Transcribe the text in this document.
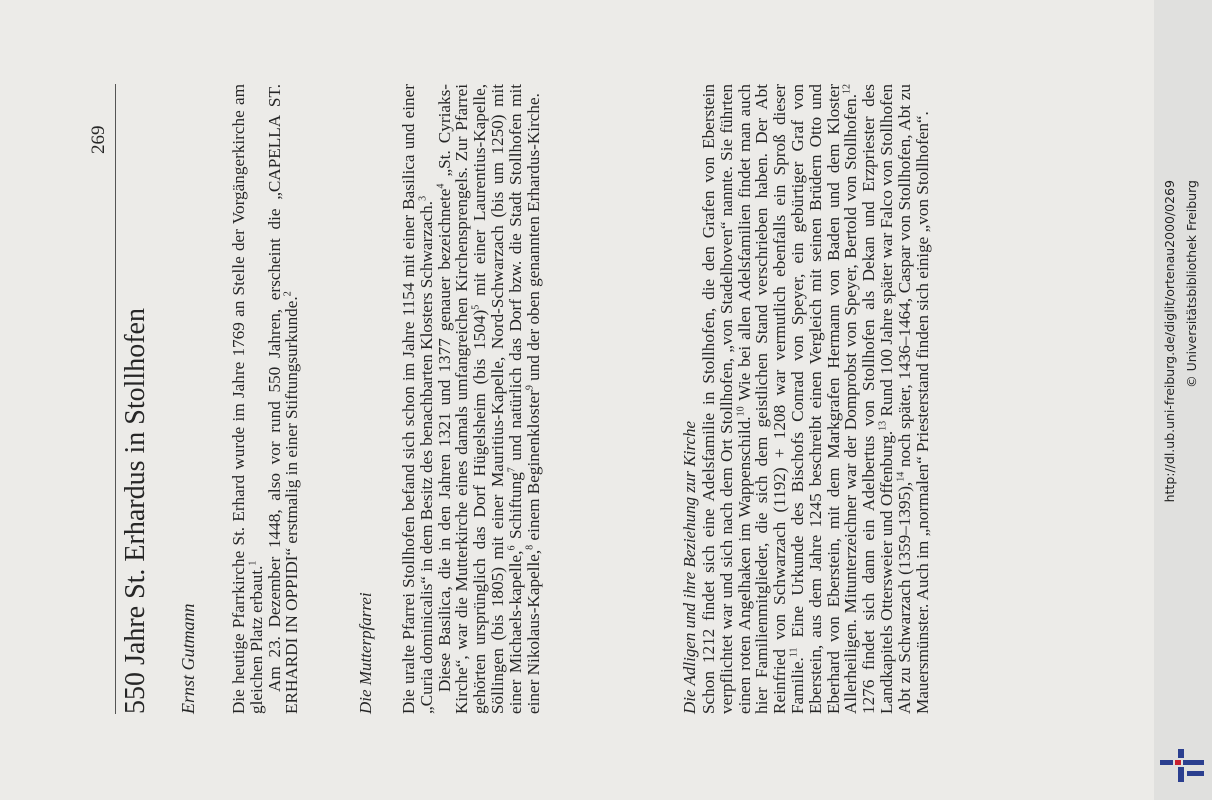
269
550 Jahre St. Erhardus in Stollhofen Ernst Gutmann Die heutige Pfarrkirche St. Erhard wurde im Jahre 1769 an Stelle der Vorgängerkirche am gleichen Platz erbaut.$^1$ Am 23. Dezember 1448, also vor rund 550 Jahren, erscheint die „CAPELLA ST. ERHARDI IN OPPIDI“ erstmalig in einer Stiftungsurkunde.$^2$

Die Mutterpfarrei Die uralte Pfarrei Stollhofen befand sich schon im Jahre 1154 mit einer Basilica und einer „Curia dominicalis“ in dem Besitz des benachbarten Klosters Schwarzach.$^3$ Diese Basilica, die in den Jahren 1321 und 1377 genauer bezeichnete$^4$ „St. Cyriaks-Kirche“, war die Mutterkirche eines damals umfangreichen Kirchensprengels. Zur Pfarrei gehörten ursprünglich das Dorf Hügelsheim (bis 1504)$^5$ mit einer Laurentius-Kapelle, Söllingen (bis 1805) mit einer Mauritius-Kapelle, Nord-Schwarzach (bis um 1250) mit einer Michaels-kapelle,$^6$ Schiftung$^7$ und natürlich das Dorf bzw. die Stadt Stollhofen mit einer Nikolaus-Kapelle,$^8$ einem Beginenkloster$^9$ und der oben genannten Erhardus-Kirche.

Die Adligen und ihre Beziehung zur Kirche Schon 1212 findet sich eine Adelsfamilie in Stollhofen, die den Grafen von Eberstein verpflichtet war und sich nach dem Ort Stollhofen, „von Stadelhoven“ nannte. Sie führten einen roten Angelhaken im Wappenschild.$^{10}$ Wie bei allen Adelsfamilien findet man auch hier Familienmitglieder, die sich dem geistlichen Stand verschrieben haben. Der Abt Reinfried von Schwarzach (1192) + 1208 war vermutlich ebenfalls ein Sproß dieser Familie.$^{11}$ Eine Urkunde des Bischofs Conrad von Speyer, ein gebürtiger Graf von Eberstein, aus dem Jahre 1245 beschreibt einen Vergleich mit seinen Brüdern Otto und Eberhard von Eberstein, mit dem Markgrafen Hermann von Baden und dem Kloster Allerheiligen. Mitunterzeichner war der Domprobst von Speyer, Bertold von Stollhofen.$^{12}$ 1276 findet sich dann ein Adelbertus von Stollhofen als Dekan und Erzpriester des Landkapitels Ottersweier und Offenburg.$^{13}$ Rund 100 Jahre später war Falco von Stollhofen Abt zu Schwarzach (1359–1395),$^{14}$ noch später, 1436–1464, Caspar von Stollhofen, Abt zu Mauersmünster. Auch im „normalen“ Priesterstand finden sich einige „von Stollhofen“.	http://dl.ub.uni-freiburg.de/diglit/ortenau2000/0269 © Universitätsbibliothek Freiburg
